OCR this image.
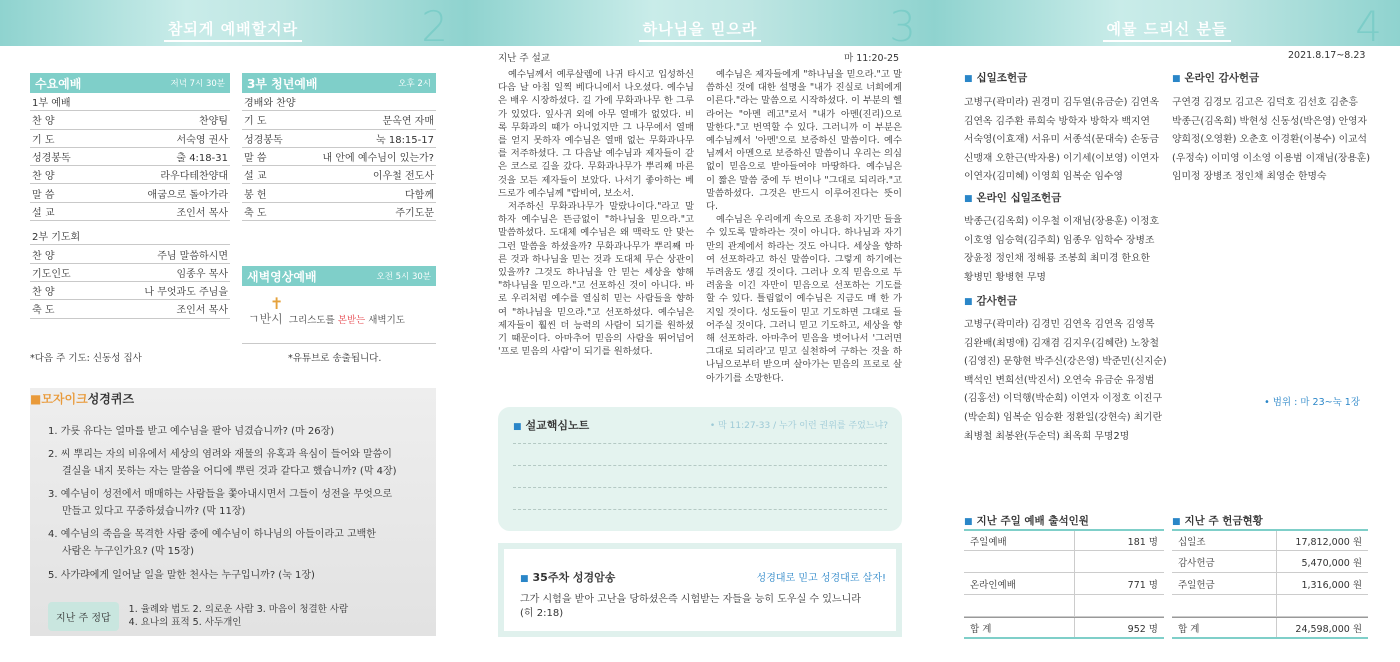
참되게 예배할지라	2
수요예배	저녁 7시 30분
1부 예배
찬 양	찬양팀
기 도	서숙영 권사
성경봉독	출 4:18-31
찬 양	라우다테찬양대
말 씀	애굽으로 돌아가라
설 교	조인서 목사
2부 기도회
찬 양	주님 말씀하시면
기도인도	임종우 목사
찬 양	나 무엇과도 주님을
축 도	조인서 목사
*다음 주 기도: 신동성 집사
3부 청년예배	오후 2시
경배와 찬양
기 도	문옥연 자매
성경봉독	눅 18:15-17
말 씀	내 안에 예수님이 있는가?
설 교	이우철 전도사
봉 헌	다함께
축 도	주기도문
새벽영상예배	오전 5시 30분
✝
ㄱ반시 그리스도를 본받는 새벽기도
*유튜브로 송출됩니다.
■모자이크성경퀴즈	• 범위 : 마 23~눅 1장
1. 가룟 유다는 얼마를 받고 예수님을 팔아 넘겼습니까? (마 26장)
2. 씨 뿌리는 자의 비유에서 세상의 염려와 재물의 유혹과 욕심이 들어와 말씀이
결실을 내지 못하는 자는 말씀을 어디에 뿌린 것과 같다고 했습니까? (막 4장)
3. 예수님이 성전에서 매매하는 사람들을 쫓아내시면서 그들이 성전을 무엇으로
만들고 있다고 꾸중하셨습니까? (막 11장)
4. 예수님의 죽음을 목격한 사람 중에 예수님이 하나님의 아들이라고 고백한
사람은 누구인가요? (막 15장)
5. 사가랴에게 일어날 일을 말한 천사는 누구입니까? (눅 1장)
지난 주 정답
1. 율례와 법도 2. 의로운 사람 3. 마음이 청결한 사람
4. 요나의 표적 5. 사두개인
하나님을 믿으라	3
지난 주 설교	마 11:20-25

예수님께서 예루살렘에 나귀 타시고 입성하신 다음 날 아침 일찍 베다니에서 나오셨다. 예수님은 배우 시장하셨다. 길 가에 무화과나무 한 그루가 있었다. 잎사귀 외에 아무 열매가 없었다. 비록 무화과의 때가 아니었지만 그 나무에서 열매를 얻지 못하자 예수님은 열매 없는 무화과나무를 저주하셨다. 그 다음날 예수님과 제자들이 같은 코스로 길을 갔다. 무화과나무가 뿌리째 마른 것을 모든 제자들이 보았다. 나서기 좋아하는 베드로가 예수님께 "랍비여, 보소서.

저주하신 무화과나무가 말랐나이다."라고 말하자 예수님은 뜬금없이 "하나님을 믿으라."고 말씀하셨다. 도대체 예수님은 왜 맥락도 안 맞는 그런 말씀을 하셨을까? 무화과나무가 뿌리째 마른 것과 하나님을 믿는 것과 도대체 무슨 상관이 있을까? 그것도 하나님을 안 믿는 세상을 향해 "하나님을 믿으라."고 선포하신 것이 아니다. 바로 우리처럼 예수를 열심히 믿는 사람들을 향하여 "하나님을 믿으라."고 선포하셨다. 예수님은 제자들이 훨씬 더 능력의 사람이 되기를 원하셨기 때문이다. 아마추어 믿음의 사람을 뛰어넘어 '프로 믿음의 사람'이 되기를 원하셨다.

예수님은 제자들에게 "하나님을 믿으라."고 말씀하신 것에 대한 설명을 "내가 진실로 너희에게 이른다."라는 말씀으로 시작하셨다. 이 부분의 헬라어는 "아멘 레고"로서 "내가 아멘(진리)으로 말한다."고 번역할 수 있다. 그러니까 이 부분은 예수님께서 '아멘'으로 보증하신 말씀이다. 예수님께서 아멘으로 보증하신 말씀이니 우리는 의심 없이 믿음으로 받아들여야 마땅하다. 예수님은 이 짧은 말씀 중에 두 번이나 "그대로 되리라."고 말씀하셨다. 그것은 반드시 이루어진다는 뜻이다.

예수님은 우리에게 속으로 조용히 자기만 들을 수 있도록 말하라는 것이 아니다. 하나님과 자기만의 관계에서 하라는 것도 아니다. 세상을 향하여 선포하라고 하신 말씀이다. 그렇게 하기에는 두려움도 생길 것이다. 그러나 오직 믿음으로 두려움을 이긴 자만이 믿음으로 선포하는 기도를 할 수 있다. 틀림없이 예수님은 지금도 매 한 가지일 것이다. 성도들이 믿고 기도하면 그대로 들어주실 것이다. 그러니 믿고 기도하고, 세상을 향해 선포하라. 아마추어 믿음을 벗어나서 '그러면 그대로 되리라'고 믿고 실천하여 구하는 것을 하나님으로부터 받으며 살아가는 믿음의 프로로 살아가기를 소망한다.

■ 설교핵심노트	• 막 11:27-33 / 누가 이런 권위를 주었느냐?
■ 35주차 성경암송	성경대로 믿고 성경대로 살자!
그가 시험을 받아 고난을 당하셨은즉 시험받는 자들을 능히 도우실 수 있느니라
(히 2:18)
예물 드리신 분들	4
2021.8.17~8.23
■ 십일조헌금
고병구(곽미라) 권경미 김두열(유금순) 김연옥
김연옥 김주환 류희숙 방학자 방학자 백지연
서숙영(이효재) 서유미 서종석(문대숙) 손동금
신맹재 오한근(박자용) 이기세(이보영) 이연자
이연자(김미혜) 이영희 임복순 임수영
■ 온라인 십일조헌금
박종근(김옥희) 이우철 이재님(장용훈) 이정호
이호영 임승혁(김주희) 임종우 임학수 장병조
장윤정 정인채 정해룡 조봉희 최미경 한요한
황병민 황병현 무명
■ 감사헌금
고병구(곽미라) 김경민 김연옥 김연옥 김영목
김완배(최명애) 김재겸 김지우(김혜란) 노창철
(김영진) 문향현 박주신(강은영) 박준민(신지순)
백석인 변희선(박진서) 오연숙 유금순 유정범
(김홍선) 이덕행(박순희) 이연자 이정호 이진구
(박순희) 임복순 임승환 정환일(강현숙) 최기란
최병철 최봉완(두순덕) 최옥희 무명2명
■ 온라인 감사헌금
구연경 김경모 김고은 김덕호 김선호 김춘흥
박종근(김옥희) 박현성 신동성(박은영) 안영자
양희정(오영환) 오춘호 이경환(이봉수) 이교석
(우정숙) 이미영 이소영 이용범 이재님(장용훈)
임미정 장병조 정인채 최영순 한명숙
■ 지난 주일 예배 출석인원
주일예배	181 명
온라인예배	771 명
합 계	952 명
■ 지난 주 헌금현황
십일조	17,812,000 원
감사헌금	5,470,000 원
주일헌금	1,316,000 원
합 계	24,598,000 원
